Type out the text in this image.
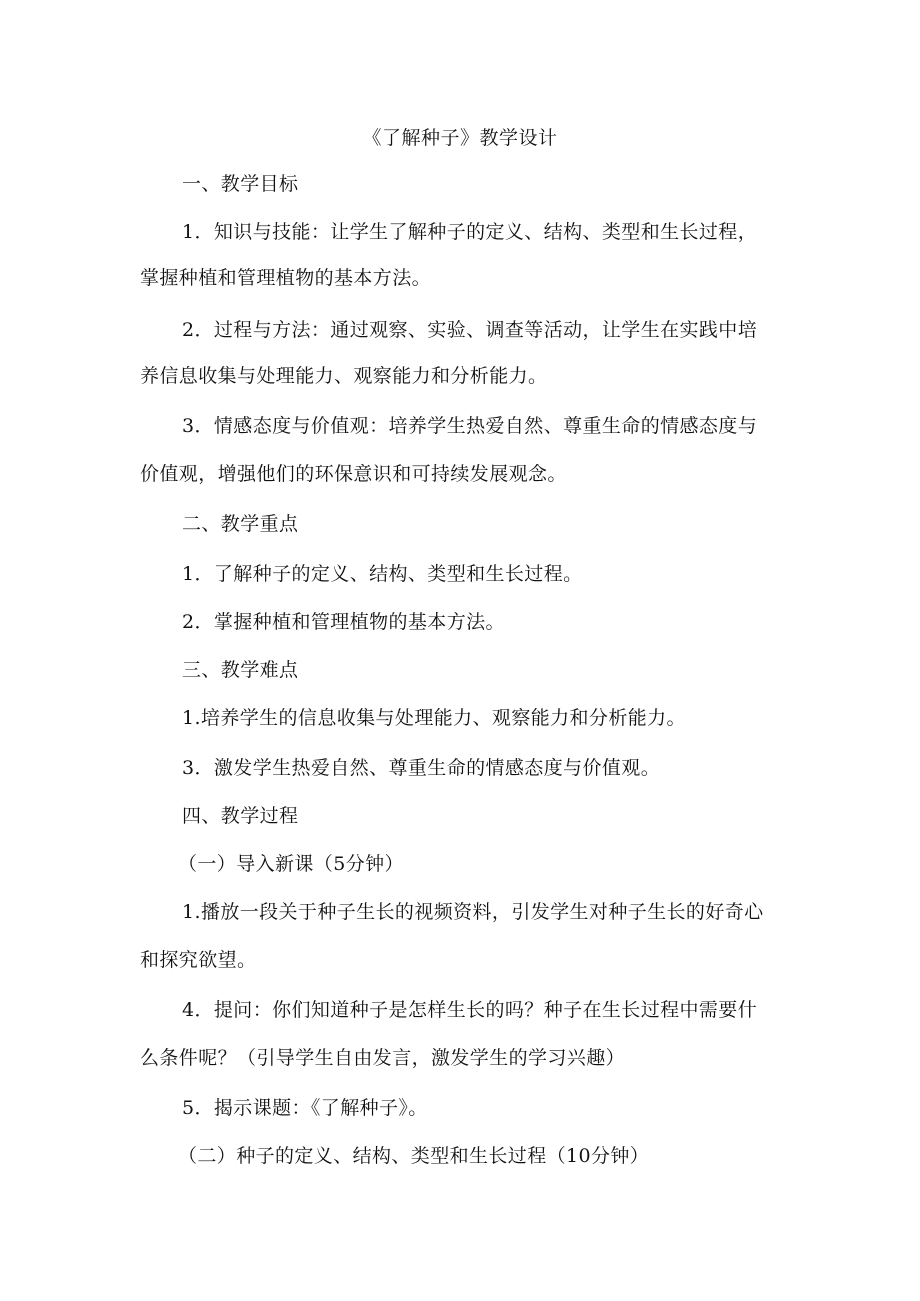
《了解种子》教学设计
一、教学目标
1．知识与技能：让学生了解种子的定义、结构、类型和生长过程，
掌握种植和管理植物的基本方法。
2．过程与方法：通过观察、实验、调查等活动，让学生在实践中培
养信息收集与处理能力、观察能力和分析能力。
3．情感态度与价值观：培养学生热爱自然、尊重生命的情感态度与
价值观，增强他们的环保意识和可持续发展观念。
二、教学重点
1．了解种子的定义、结构、类型和生长过程。
2．掌握种植和管理植物的基本方法。
三、教学难点
1.培养学生的信息收集与处理能力、观察能力和分析能力。
3．激发学生热爱自然、尊重生命的情感态度与价值观。
四、教学过程
（一）导入新课（5分钟）
1.播放一段关于种子生长的视频资料，引发学生对种子生长的好奇心
和探究欲望。
4．提问：你们知道种子是怎样生长的吗？种子在生长过程中需要什
么条件呢？（引导学生自由发言，激发学生的学习兴趣）
5．揭示课题：《了解种子》。
（二）种子的定义、结构、类型和生长过程（10分钟）
